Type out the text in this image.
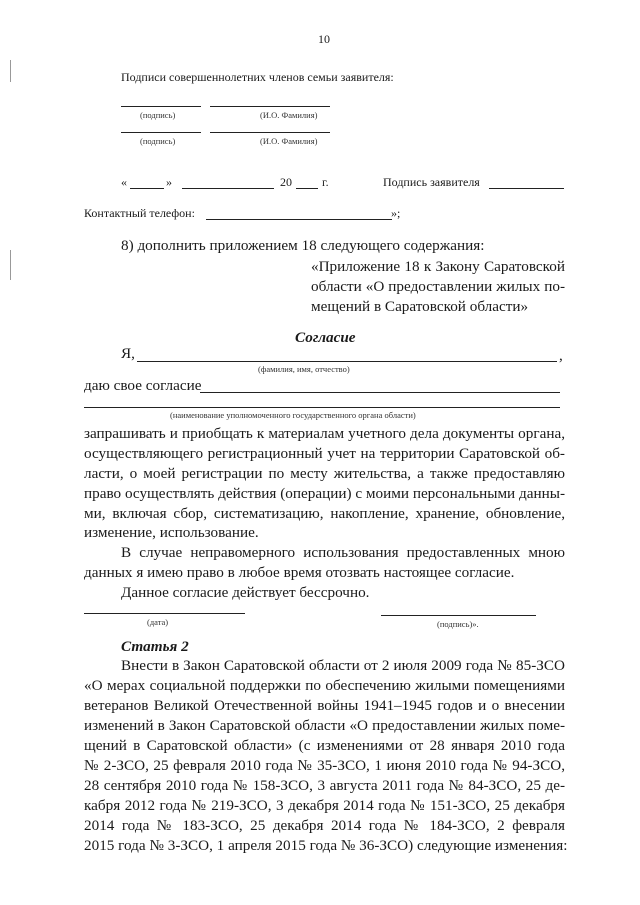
10
Подписи совершеннолетних членов семьи заявителя:
(подпись)	(И.О. Фамилия)
(подпись)	(И.О. Фамилия)
«	»	20	г.	Подпись заявителя
Контактный телефон:	»;
8) дополнить приложением 18 следующего содержания:
«Приложение 18 к Закону Саратовской
области «О предоставлении жилых по-
мещений в Саратовской области»
Согласие
Я,	,
(фамилия, имя, отчество)
даю свое согласие
(наименование уполномоченного государственного органа области)
запрашивать и приобщать к материалам учетного дела документы органа,
осуществляющего регистрационный учет на территории Саратовской об-
ласти, о моей регистрации по месту жительства, а также предоставляю
право осуществлять действия (операции) с моими персональными данны-
ми, включая сбор, систематизацию, накопление, хранение, обновление,
изменение, использование.
В случае неправомерного использования предоставленных мною
данных я имею право в любое время отозвать настоящее согласие.
Данное согласие действует бессрочно.
(дата)	(подпись)».
Статья 2
Внести в Закон Саратовской области от 2 июля 2009 года № 85-ЗСО
«О мерах социальной поддержки по обеспечению жилыми помещениями
ветеранов Великой Отечественной войны 1941–1945 годов и о внесении
изменений в Закон Саратовской области «О предоставлении жилых поме-
щений в Саратовской области» (с изменениями от 28 января 2010 года
№ 2-ЗСО, 25 февраля 2010 года № 35-ЗСО, 1 июня 2010 года № 94-ЗСО,
28 сентября 2010 года № 158-ЗСО, 3 августа 2011 года № 84-ЗСО, 25 де-
кабря 2012 года № 219-ЗСО, 3 декабря 2014 года № 151-ЗСО, 25 декабря
2014 года № 183-ЗСО, 25 декабря 2014 года № 184-ЗСО, 2 февраля
2015 года № 3-ЗСО, 1 апреля 2015 года № 36-ЗСО) следующие изменения:
